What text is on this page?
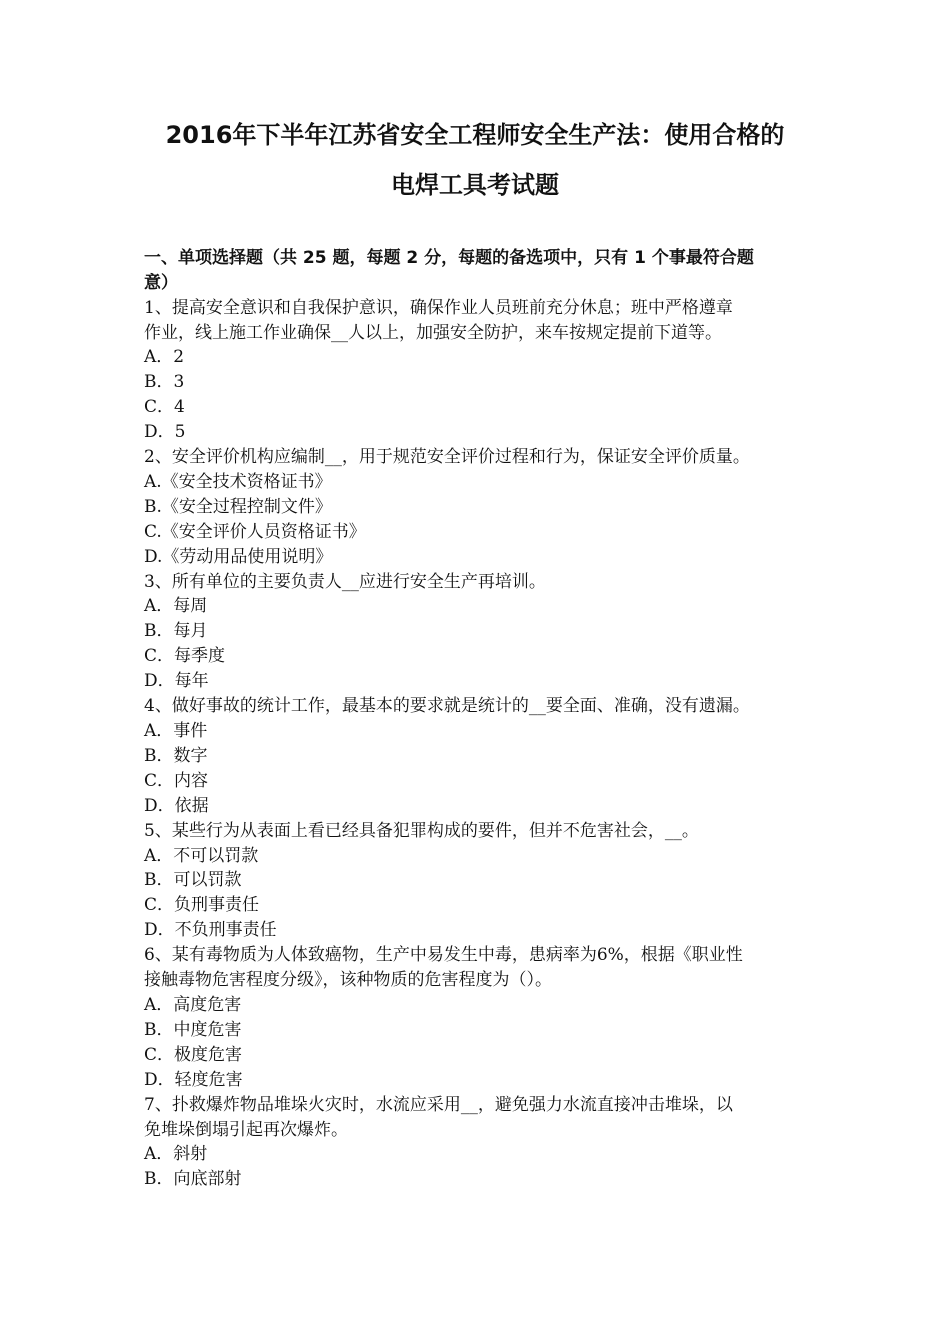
2016年下半年江苏省安全工程师安全生产法：使用合格的
电焊工具考试题

一、单项选择题（共 25 题，每题 2 分，每题的备选项中，只有 1 个事最符合题

意）

1、提高安全意识和自我保护意识，确保作业人员班前充分休息；班中严格遵章

作业，线上施工作业确保__人以上，加强安全防护，来车按规定提前下道等。

A．2

B．3

C．4

D．5

2、安全评价机构应编制__，用于规范安全评价过程和行为，保证安全评价质量。

A.《安全技术资格证书》

B.《安全过程控制文件》

C.《安全评价人员资格证书》

D.《劳动用品使用说明》

3、所有单位的主要负责人__应进行安全生产再培训。

A．每周

B．每月

C．每季度

D．每年

4、做好事故的统计工作，最基本的要求就是统计的__要全面、准确，没有遗漏。

A．事件

B．数字

C．内容

D．依据

5、某些行为从表面上看已经具备犯罪构成的要件，但并不危害社会，__。

A．不可以罚款

B．可以罚款

C．负刑事责任

D．不负刑事责任

6、某有毒物质为人体致癌物，生产中易发生中毒，患病率为6%，根据《职业性

接触毒物危害程度分级》，该种物质的危害程度为（）。

A．高度危害

B．中度危害

C．极度危害

D．轻度危害

7、扑救爆炸物品堆垛火灾时，水流应采用__，避免强力水流直接冲击堆垛，以

免堆垛倒塌引起再次爆炸。

A．斜射

B．向底部射
